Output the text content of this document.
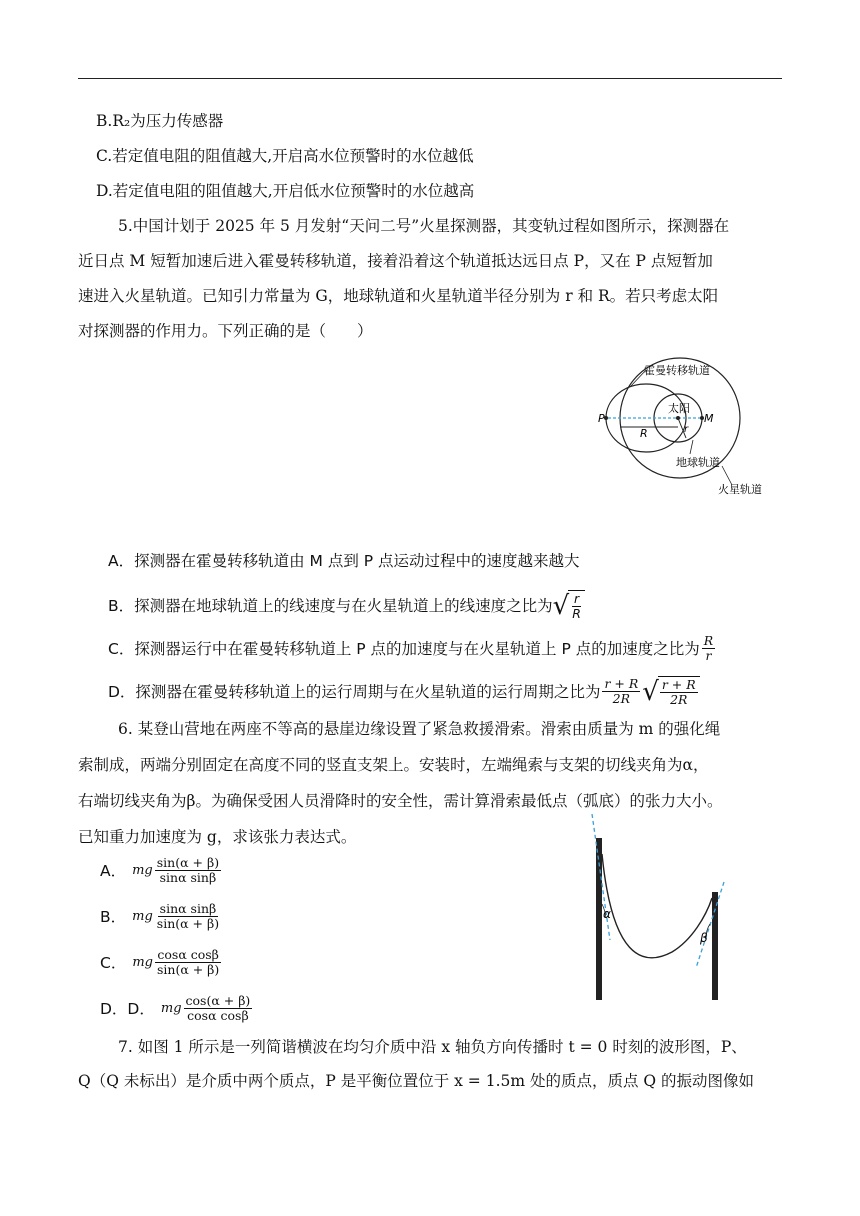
B.R₂为压力传感器
C.若定值电阻的阻值越大,开启高水位预警时的水位越低
D.若定值电阻的阻值越大,开启低水位预警时的水位越高
5.中国计划于 2025 年 5 月发射“天问二号”火星探测器，其变轨过程如图所示，探测器在
近日点 M 短暂加速后进入霍曼转移轨道，接着沿着这个轨道抵达远日点 P，又在 P 点短暂加
速进入火星轨道。已知引力常量为 G，地球轨道和火星轨道半径分别为 r 和 R。若只考虑太阳
对探测器的作用力。下列正确的是（　　）
霍曼转移轨道
太阳
地球轨道
火星轨道
P	M
R	r
A．探测器在霍曼转移轨道由 M 点到 P 点运动过程中的速度越来越大
B．探测器在地球轨道上的线速度与在火星轨道上的线速度之比为 √ $\frac{r}{R}$
C．探测器运行中在霍曼转移轨道上 P 点的加速度与在火星轨道上 P 点的加速度之比为 $\frac{R}{r}$
D．探测器在霍曼转移轨道上的运行周期与在火星轨道的运行周期之比为 $\frac{r + R}{2R}$ √ $\frac{r + R}{2R}$
6. 某登山营地在两座不等高的悬崖边缘设置了紧急救援滑索。滑索由质量为 m 的强化绳
索制成，两端分别固定在高度不同的竖直支架上。安装时，左端绳索与支架的切线夹角为α，
右端切线夹角为β。为确保受困人员滑降时的安全性，需计算滑索最低点（弧底）的张力大小。
已知重力加速度为 g，求该张力表达式。
A． mg $\frac{\sin(\alpha + \beta)}{\text{sinα sinβ}}$
B． mg $\frac{\text{sinα sinβ}}{\sin(\alpha + \beta)}$
C． mg $\frac{\text{cosα cosβ}}{\sin(\alpha + \beta)}$
D．D． mg $\frac{\cos(\alpha + \beta)}{\text{cosα cosβ}}$
α
β
7. 如图 1 所示是一列简谐横波在均匀介质中沿 x 轴负方向传播时 t = 0 时刻的波形图，P、
Q（Q 未标出）是介质中两个质点，P 是平衡位置位于 x = 1.5m 处的质点，质点 Q 的振动图像如
